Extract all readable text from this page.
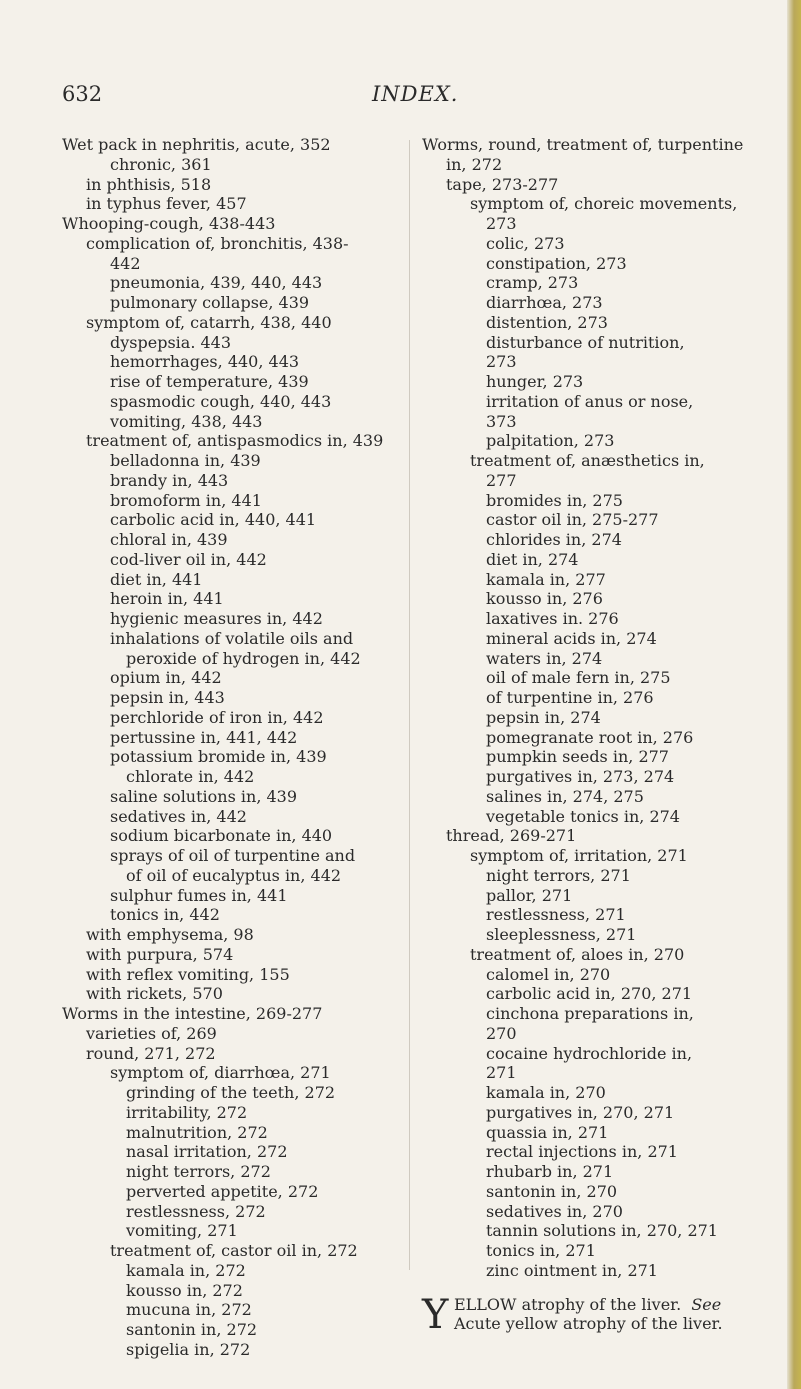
632	INDEX.
Wet pack in nephritis, acute, 352
chronic, 361
in phthisis, 518
in typhus fever, 457
Whooping-cough, 438-443
complication of, bronchitis, 438-
442
pneumonia, 439, 440, 443
pulmonary collapse, 439
symptom of, catarrh, 438, 440
dyspepsia. 443
hemorrhages, 440, 443
rise of temperature, 439
spasmodic cough, 440, 443
vomiting, 438, 443
treatment of, antispasmodics in, 439
belladonna in, 439
brandy in, 443
bromoform in, 441
carbolic acid in, 440, 441
chloral in, 439
cod-liver oil in, 442
diet in, 441
heroin in, 441
hygienic measures in, 442
inhalations of volatile oils and
peroxide of hydrogen in, 442
opium in, 442
pepsin in, 443
perchloride of iron in, 442
pertussine in, 441, 442
potassium bromide in, 439
chlorate in, 442
saline solutions in, 439
sedatives in, 442
sodium bicarbonate in, 440
sprays of oil of turpentine and
of oil of eucalyptus in, 442
sulphur fumes in, 441
tonics in, 442
with emphysema, 98
with purpura, 574
with reflex vomiting, 155
with rickets, 570
Worms in the intestine, 269-277
varieties of, 269
round, 271, 272
symptom of, diarrhœa, 271
grinding of the teeth, 272
irritability, 272
malnutrition, 272
nasal irritation, 272
night terrors, 272
perverted appetite, 272
restlessness, 272
vomiting, 271
treatment of, castor oil in, 272
kamala in, 272
kousso in, 272
mucuna in, 272
santonin in, 272
spigelia in, 272
Worms, round, treatment of, turpentine
in, 272
tape, 273-277
symptom of, choreic movements,
273
colic, 273
constipation, 273
cramp, 273
diarrhœa, 273
distention, 273
disturbance of nutrition,
273
hunger, 273
irritation of anus or nose,
373
palpitation, 273
treatment of, anæsthetics in,
277
bromides in, 275
castor oil in, 275-277
chlorides in, 274
diet in, 274
kamala in, 277
kousso in, 276
laxatives in. 276
mineral acids in, 274
waters in, 274
oil of male fern in, 275
of turpentine in, 276
pepsin in, 274
pomegranate root in, 276
pumpkin seeds in, 277
purgatives in, 273, 274
salines in, 274, 275
vegetable tonics in, 274
thread, 269-271
symptom of, irritation, 271
night terrors, 271
pallor, 271
restlessness, 271
sleeplessness, 271
treatment of, aloes in, 270
calomel in, 270
carbolic acid in, 270, 271
cinchona preparations in,
270
cocaine hydrochloride in,
271
kamala in, 270
purgatives in, 270, 271
quassia in, 271
rectal injections in, 271
rhubarb in, 271
santonin in, 270
sedatives in, 270
tannin solutions in, 270, 271
tonics in, 271
zinc ointment in, 271
Y ELLOW atrophy of the liver. See
Acute yellow atrophy of the liver.
